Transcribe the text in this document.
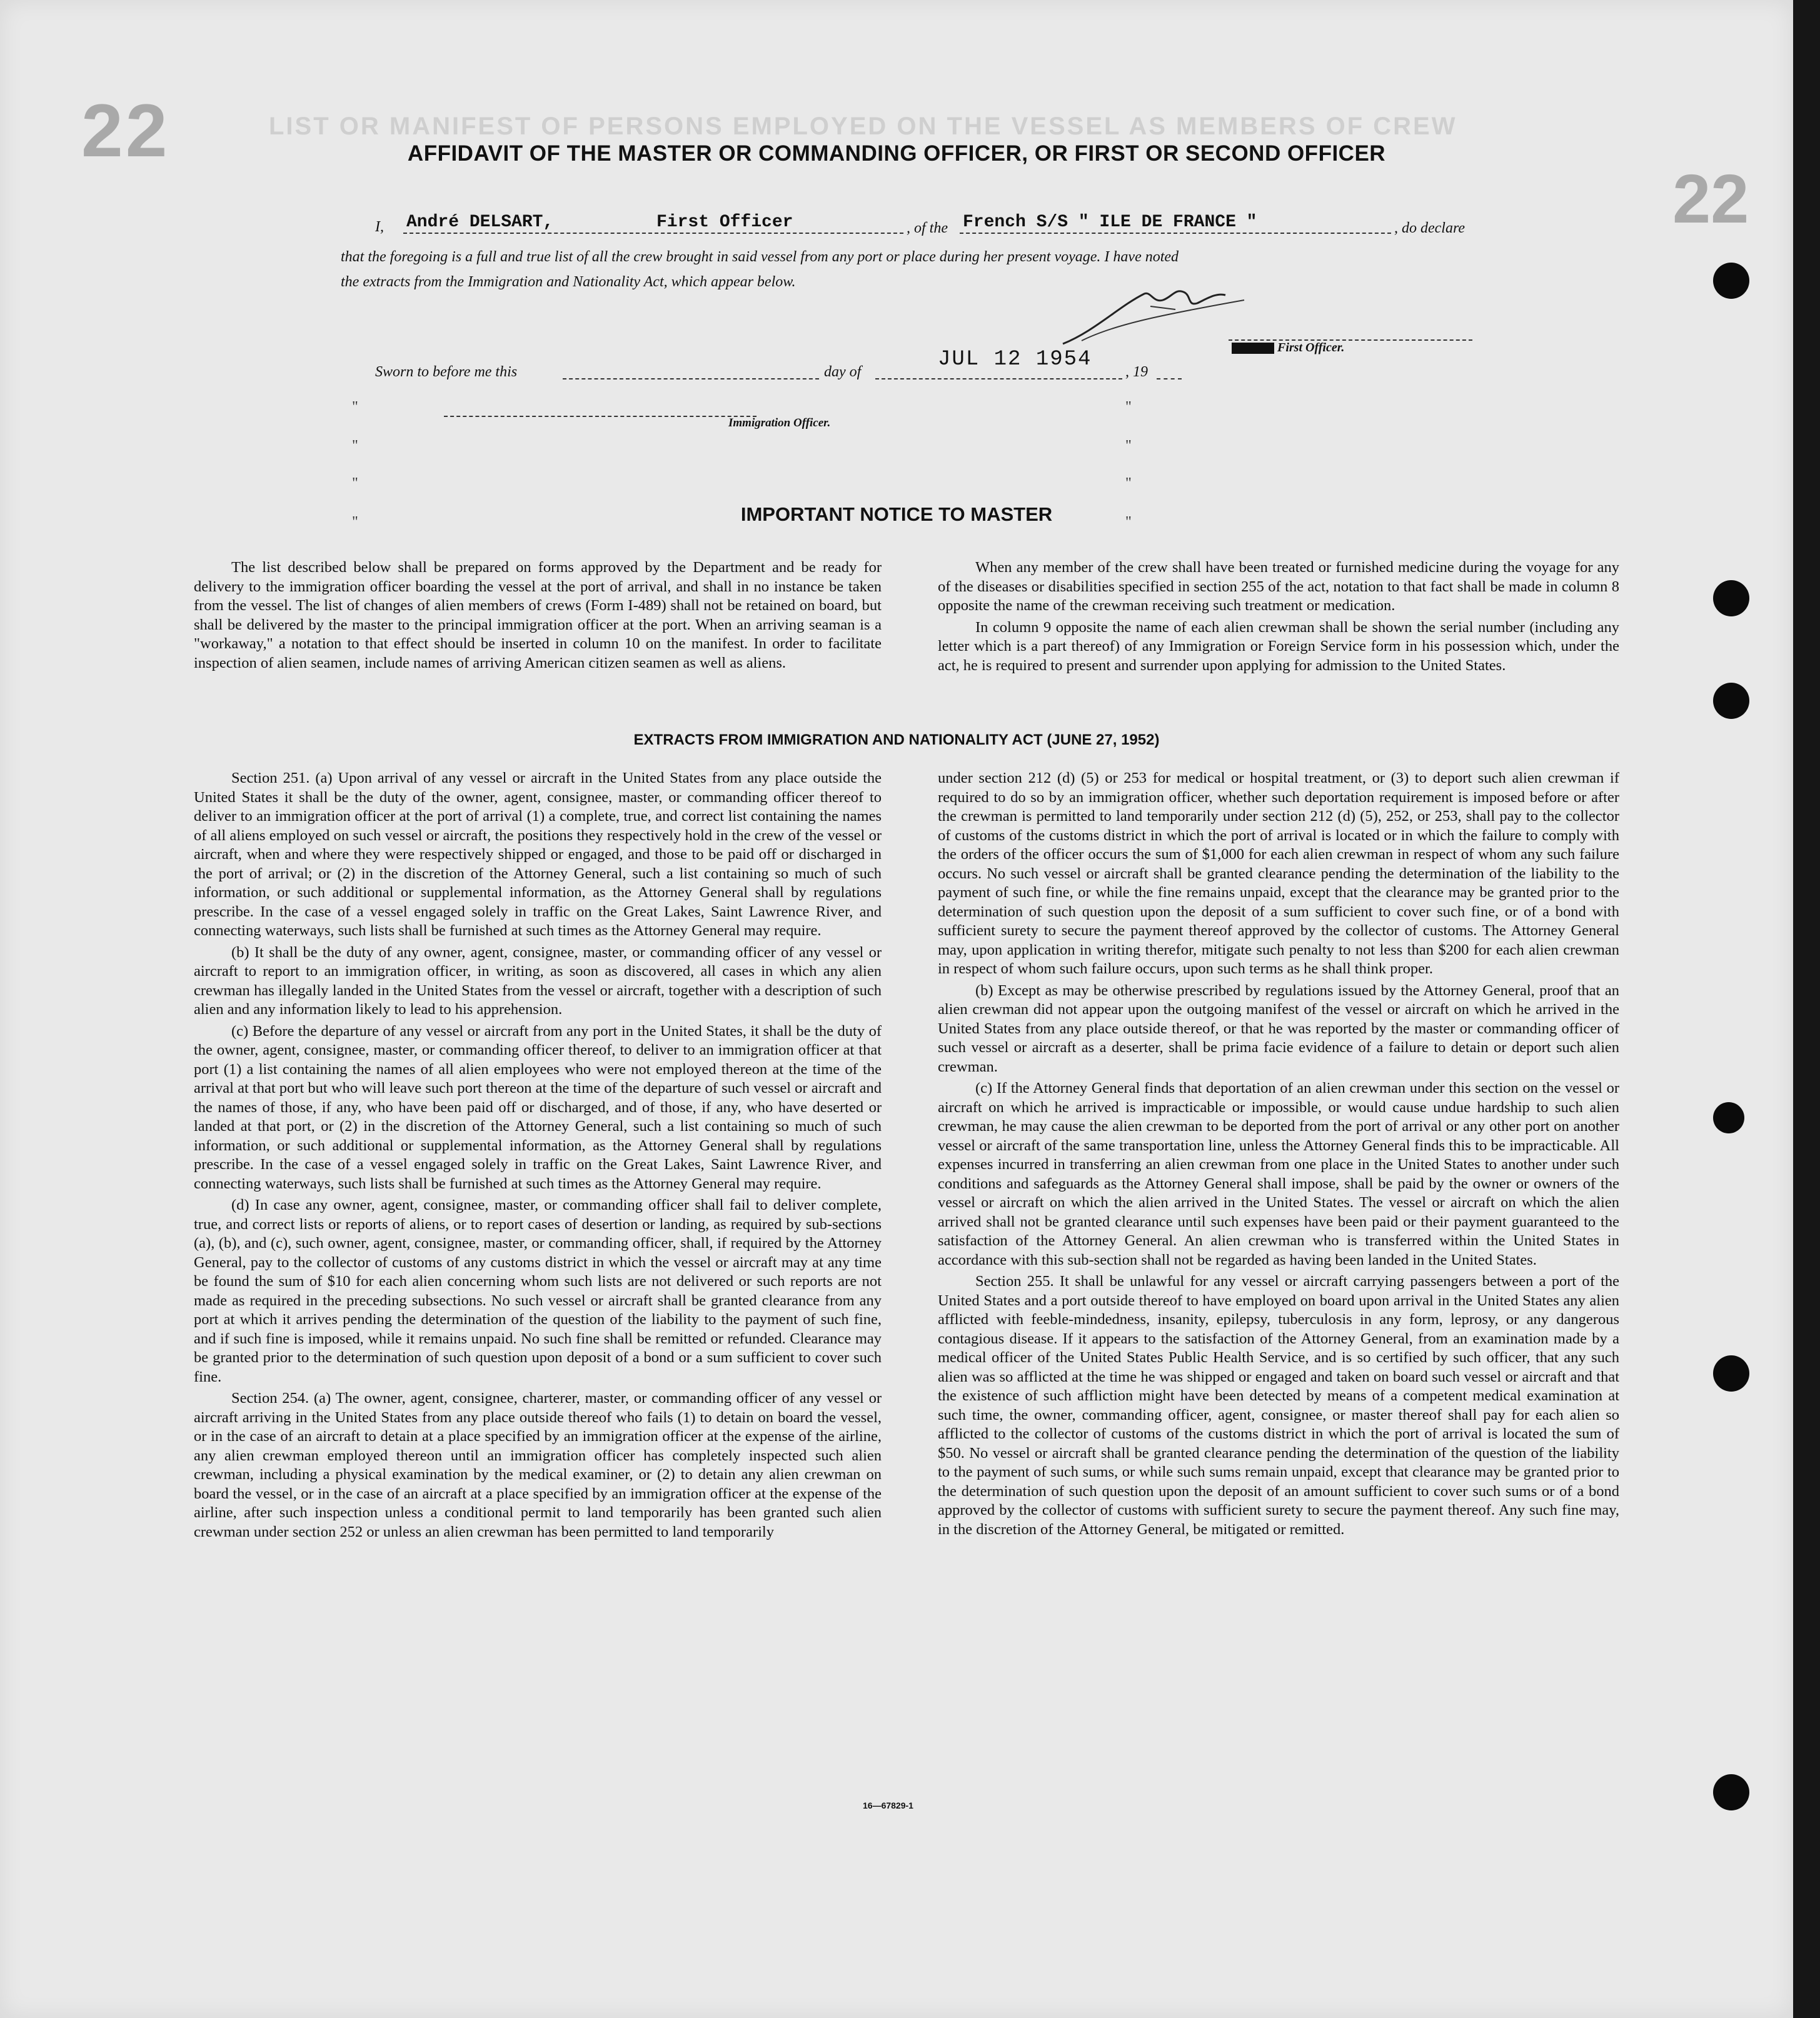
22
22
LIST OR MANIFEST OF PERSONS EMPLOYED ON THE VESSEL AS MEMBERS OF CREW
AFFIDAVIT OF THE MASTER OR COMMANDING OFFICER, OR FIRST OR SECOND OFFICER
I, André DELSART,	First Officer	, of the French S/S " ILE DE FRANCE "	, do declare
that the foregoing is a full and true list of all the crew brought in said vessel from any port or place during her present voyage. I have noted
the extracts from the Immigration and Nationality Act, which appear below.
First Officer.
Sworn to before me this	day of
JUL 12 1954
, 19
Immigration Officer.
"
"
"
"
"
"
"
"
IMPORTANT NOTICE TO MASTER

The list described below shall be prepared on forms approved by the Department and be ready for delivery to the immigration officer boarding the vessel at the port of arrival, and shall in no instance be taken from the vessel. The list of changes of alien members of crews (Form I-489) shall not be retained on board, but shall be delivered by the master to the principal immigration officer at the port. When an arriving seaman is a "workaway," a notation to that effect should be inserted in column 10 on the manifest. In order to facilitate inspection of alien seamen, include names of arriving American citizen seamen as well as aliens.

When any member of the crew shall have been treated or furnished medicine during the voyage for any of the diseases or disabilities specified in section 255 of the act, notation to that fact shall be made in column 8 opposite the name of the crewman receiving such treatment or medication.

In column 9 opposite the name of each alien crewman shall be shown the serial number (including any letter which is a part thereof) of any Immigration or Foreign Service form in his possession which, under the act, he is required to present and surrender upon applying for admission to the United States.

EXTRACTS FROM IMMIGRATION AND NATIONALITY ACT (JUNE 27, 1952)

Section 251. (a) Upon arrival of any vessel or aircraft in the United States from any place outside the United States it shall be the duty of the owner, agent, consignee, master, or commanding officer thereof to deliver to an immigration officer at the port of arrival (1) a complete, true, and correct list containing the names of all aliens employed on such vessel or aircraft, the positions they respectively hold in the crew of the vessel or aircraft, when and where they were respectively shipped or engaged, and those to be paid off or discharged in the port of arrival; or (2) in the discretion of the Attorney General, such a list containing so much of such information, or such additional or supplemental information, as the Attorney General shall by regulations prescribe. In the case of a vessel engaged solely in traffic on the Great Lakes, Saint Lawrence River, and connecting waterways, such lists shall be furnished at such times as the Attorney General may require.

(b) It shall be the duty of any owner, agent, consignee, master, or commanding officer of any vessel or aircraft to report to an immigration officer, in writing, as soon as discovered, all cases in which any alien crewman has illegally landed in the United States from the vessel or aircraft, together with a description of such alien and any information likely to lead to his apprehension.

(c) Before the departure of any vessel or aircraft from any port in the United States, it shall be the duty of the owner, agent, consignee, master, or commanding officer thereof, to deliver to an immigration officer at that port (1) a list containing the names of all alien employees who were not employed thereon at the time of the arrival at that port but who will leave such port thereon at the time of the departure of such vessel or aircraft and the names of those, if any, who have been paid off or discharged, and of those, if any, who have deserted or landed at that port, or (2) in the discretion of the Attorney General, such a list containing so much of such information, or such additional or supplemental information, as the Attorney General shall by regulations prescribe. In the case of a vessel engaged solely in traffic on the Great Lakes, Saint Lawrence River, and connecting waterways, such lists shall be furnished at such times as the Attorney General may require.

(d) In case any owner, agent, consignee, master, or commanding officer shall fail to deliver complete, true, and correct lists or reports of aliens, or to report cases of desertion or landing, as required by sub-sections (a), (b), and (c), such owner, agent, consignee, master, or commanding officer, shall, if required by the Attorney General, pay to the collector of customs of any customs district in which the vessel or aircraft may at any time be found the sum of $10 for each alien concerning whom such lists are not delivered or such reports are not made as required in the preceding subsections. No such vessel or aircraft shall be granted clearance from any port at which it arrives pending the determination of the question of the liability to the payment of such fine, and if such fine is imposed, while it remains unpaid. No such fine shall be remitted or refunded. Clearance may be granted prior to the determination of such question upon deposit of a bond or a sum sufficient to cover such fine.

Section 254. (a) The owner, agent, consignee, charterer, master, or commanding officer of any vessel or aircraft arriving in the United States from any place outside thereof who fails (1) to detain on board the vessel, or in the case of an aircraft to detain at a place specified by an immigration officer at the expense of the airline, any alien crewman employed thereon until an immigration officer has completely inspected such alien crewman, including a physical examination by the medical examiner, or (2) to detain any alien crewman on board the vessel, or in the case of an aircraft at a place specified by an immigration officer at the expense of the airline, after such inspection unless a conditional permit to land temporarily has been granted such alien crewman under section 252 or unless an alien crewman has been permitted to land temporarily

under section 212 (d) (5) or 253 for medical or hospital treatment, or (3) to deport such alien crewman if required to do so by an immigration officer, whether such deportation requirement is imposed before or after the crewman is permitted to land temporarily under section 212 (d) (5), 252, or 253, shall pay to the collector of customs of the customs district in which the port of arrival is located or in which the failure to comply with the orders of the officer occurs the sum of $1,000 for each alien crewman in respect of whom any such failure occurs. No such vessel or aircraft shall be granted clearance pending the determination of the liability to the payment of such fine, or while the fine remains unpaid, except that the clearance may be granted prior to the determination of such question upon the deposit of a sum sufficient to cover such fine, or of a bond with sufficient surety to secure the payment thereof approved by the collector of customs. The Attorney General may, upon application in writing therefor, mitigate such penalty to not less than $200 for each alien crewman in respect of whom such failure occurs, upon such terms as he shall think proper.

(b) Except as may be otherwise prescribed by regulations issued by the Attorney General, proof that an alien crewman did not appear upon the outgoing manifest of the vessel or aircraft on which he arrived in the United States from any place outside thereof, or that he was reported by the master or commanding officer of such vessel or aircraft as a deserter, shall be prima facie evidence of a failure to detain or deport such alien crewman.

(c) If the Attorney General finds that deportation of an alien crewman under this section on the vessel or aircraft on which he arrived is impracticable or impossible, or would cause undue hardship to such alien crewman, he may cause the alien crewman to be deported from the port of arrival or any other port on another vessel or aircraft of the same transportation line, unless the Attorney General finds this to be impracticable. All expenses incurred in transferring an alien crewman from one place in the United States to another under such conditions and safeguards as the Attorney General shall impose, shall be paid by the owner or owners of the vessel or aircraft on which the alien arrived in the United States. The vessel or aircraft on which the alien arrived shall not be granted clearance until such expenses have been paid or their payment guaranteed to the satisfaction of the Attorney General. An alien crewman who is transferred within the United States in accordance with this sub-section shall not be regarded as having been landed in the United States.

Section 255. It shall be unlawful for any vessel or aircraft carrying passengers between a port of the United States and a port outside thereof to have employed on board upon arrival in the United States any alien afflicted with feeble-mindedness, insanity, epilepsy, tuberculosis in any form, leprosy, or any dangerous contagious disease. If it appears to the satisfaction of the Attorney General, from an examination made by a medical officer of the United States Public Health Service, and is so certified by such officer, that any such alien was so afflicted at the time he was shipped or engaged and taken on board such vessel or aircraft and that the existence of such affliction might have been detected by means of a competent medical examination at such time, the owner, commanding officer, agent, consignee, or master thereof shall pay for each alien so afflicted to the collector of customs of the customs district in which the port of arrival is located the sum of $50. No vessel or aircraft shall be granted clearance pending the determination of the question of the liability to the payment of such sums, or while such sums remain unpaid, except that clearance may be granted prior to the determination of such question upon the deposit of an amount sufficient to cover such sums or of a bond approved by the collector of customs with sufficient surety to secure the payment thereof. Any such fine may, in the discretion of the Attorney General, be mitigated or remitted.

16—67829-1
